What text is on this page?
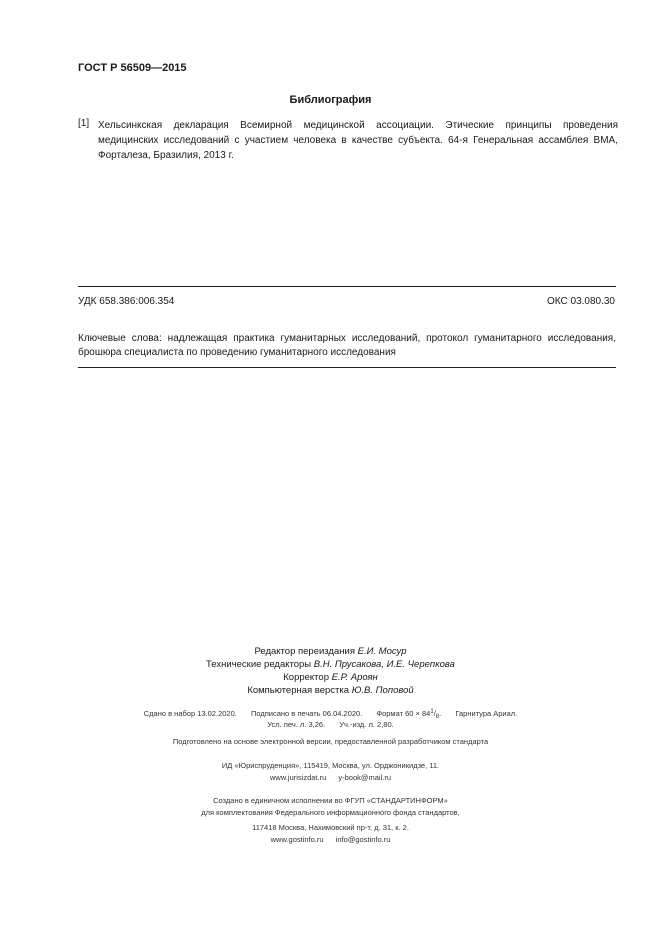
ГОСТ Р 56509—2015
Библиография
[1] Хельсинкская декларация Всемирной медицинской ассоциации. Этические принципы проведения медицинских исследований с участием человека в качестве субъекта. 64-я Генеральная ассамблея ВМА, Форталеза, Бразилия, 2013 г.
УДК 658.386:006.354	ОКС 03.080.30
Ключевые слова: надлежащая практика гуманитарных исследований, протокол гуманитарного исследования, брошюра специалиста по проведению гуманитарного исследования
Редактор переиздания Е.И. Мосур
Технические редакторы В.Н. Прусакова, И.Е. Черепкова
Корректор Е.Р. Ароян
Компьютерная верстка Ю.В. Поповой
Сдано в набор 13.02.2020. Подписано в печать 06.04.2020. Формат $60 \times 84^1/_8$. Гарнитура Ариал.
Усл. печ. л. 3,26. Уч.-изд. л. 2,80.
Подготовлено на основе электронной версии, предоставленной разработчиком стандарта
ИД «Юриспруденция», 115419, Москва, ул. Орджоникидзе, 11.
www.jurisizdat.ru y-book@mail.ru
Создано в единичном исполнении во ФГУП «СТАНДАРТИНФОРМ»
для комплектования Федерального информационного фонда стандартов,
117418 Москва, Нахимовский пр-т, д. 31, к. 2.
www.gostinfo.ru info@gostinfo.ru
